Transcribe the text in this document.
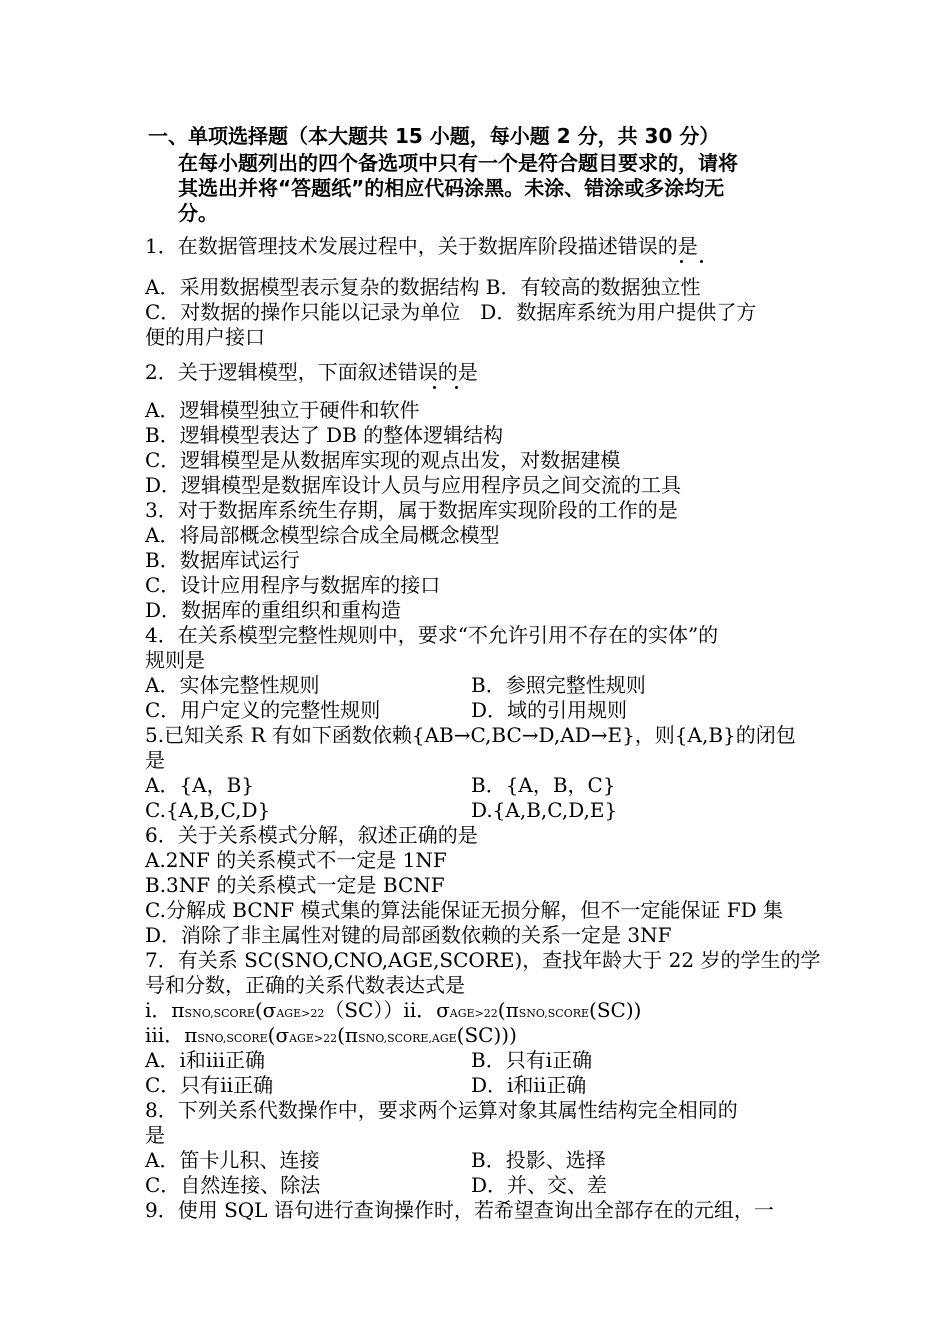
一、单项选择题（本大题共 15 小题，每小题 2 分，共 30 分）
在每小题列出的四个备选项中只有一个是符合题目要求的，请将
其选出并将“答题纸”的相应代码涂黑。未涂、错涂或多涂均无
分。
1．在数据管理技术发展过程中，关于数据库阶段描述错误的是
A．采用数据模型表示复杂的数据结构 B．有较高的数据独立性
C．对数据的操作只能以记录为单位　D．数据库系统为用户提供了方
便的用户接口
2．关于逻辑模型，下面叙述错误的是
A．逻辑模型独立于硬件和软件
B．逻辑模型表达了 DB 的整体逻辑结构
C．逻辑模型是从数据库实现的观点出发，对数据建模
D．逻辑模型是数据库设计人员与应用程序员之间交流的工具
3．对于数据库系统生存期，属于数据库实现阶段的工作的是
A．将局部概念模型综合成全局概念模型
B．数据库试运行
C．设计应用程序与数据库的接口
D．数据库的重组织和重构造
4．在关系模型完整性规则中，要求“不允许引用不存在的实体”的
规则是
A．实体完整性规则	B．参照完整性规则
C．用户定义的完整性规则	D．域的引用规则
5.已知关系 R 有如下函数依赖{AB→C,BC→D,AD→E}，则{A,B}的闭包
是
A．{A，B}	B．{A，B，C}
C.{A,B,C,D}	D.{A,B,C,D,E}
6．关于关系模式分解，叙述正确的是
A.2NF 的关系模式不一定是 1NF
B.3NF 的关系模式一定是 BCNF
C.分解成 BCNF 模式集的算法能保证无损分解，但不一定能保证 FD 集
D．消除了非主属性对键的局部函数依赖的关系一定是 3NF
7．有关系 SC(SNO,CNO,AGE,SCORE)，查找年龄大于 22 岁的学生的学
号和分数，正确的关系代数表达式是
ⅰ．πSNO,SCORE(σAGE>22（SC））ⅱ．σAGE>22(πSNO,SCORE(SC))
ⅲ．πSNO,SCORE(σAGE>22(πSNO,SCORE,AGE(SC)))
A．ⅰ和ⅲ正确	B．只有ⅰ正确
C．只有ⅱ正确	D．ⅰ和ⅱ正确
8．下列关系代数操作中，要求两个运算对象其属性结构完全相同的
是
A．笛卡儿积、连接	B．投影、选择
C．自然连接、除法	D．并、交、差
9．使用 SQL 语句进行查询操作时，若希望查询出全部存在的元组，一
